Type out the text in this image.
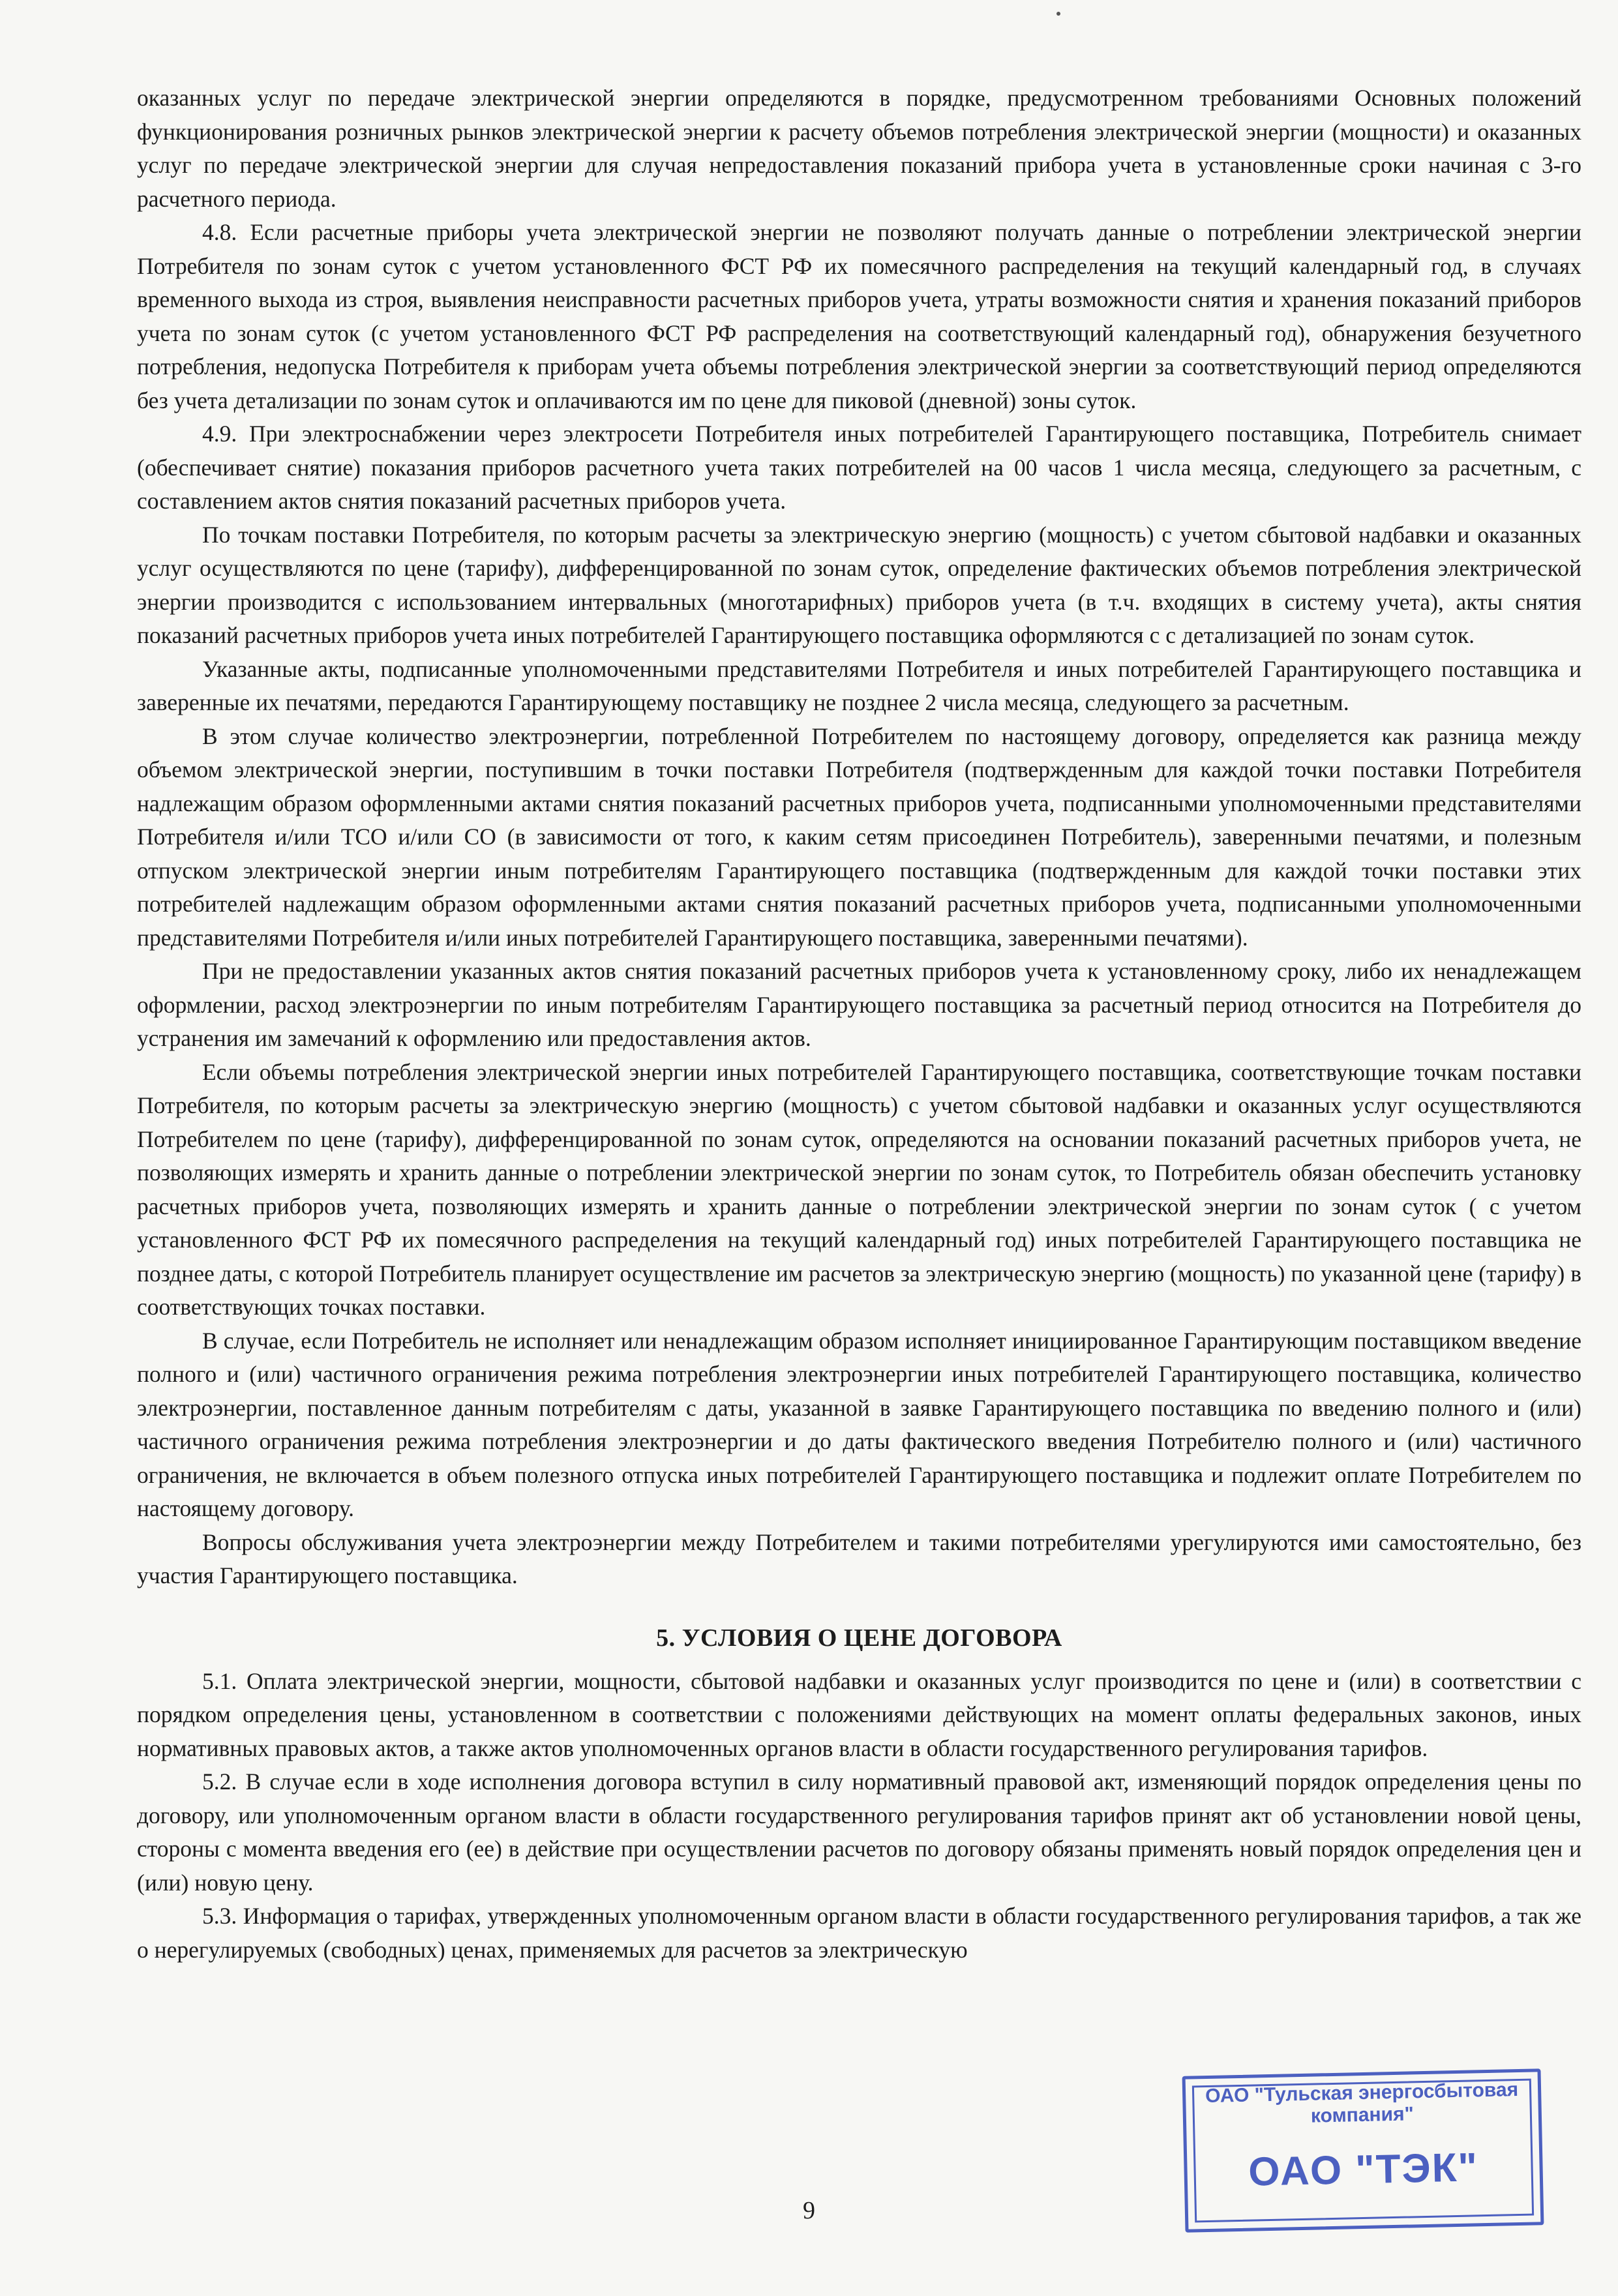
оказанных услуг по передаче электрической энергии определяются в порядке, предусмотренном требованиями Основных положений функционирования розничных рынков электрической энергии к расчету объемов потребления электрической энергии (мощности) и оказанных услуг по передаче электрической энергии для случая непредоставления показаний прибора учета в установленные сроки начиная с 3-го расчетного периода.

4.8. Если расчетные приборы учета электрической энергии не позволяют получать данные о потреблении электрической энергии Потребителя по зонам суток с учетом установленного ФСТ РФ их помесячного распределения на текущий календарный год, в случаях временного выхода из строя, выявления неисправности расчетных приборов учета, утраты возможности снятия и хранения показаний приборов учета по зонам суток (с учетом установленного ФСТ РФ распределения на соответствующий календарный год), обнаружения безучетного потребления, недопуска Потребителя к приборам учета объемы потребления электрической энергии за соответствующий период определяются без учета детализации по зонам суток и оплачиваются им по цене для пиковой (дневной) зоны суток.

4.9. При электроснабжении через электросети Потребителя иных потребителей Гарантирующего поставщика, Потребитель снимает (обеспечивает снятие) показания приборов расчетного учета таких потребителей на 00 часов 1 числа месяца, следующего за расчетным, с составлением актов снятия показаний расчетных приборов учета.

По точкам поставки Потребителя, по которым расчеты за электрическую энергию (мощность) с учетом сбытовой надбавки и оказанных услуг осуществляются по цене (тарифу), дифференцированной по зонам суток, определение фактических объемов потребления электрической энергии производится с использованием интервальных (многотарифных) приборов учета (в т.ч. входящих в систему учета), акты снятия показаний расчетных приборов учета иных потребителей Гарантирующего поставщика оформляются с с детализацией по зонам суток.

Указанные акты, подписанные уполномоченными представителями Потребителя и иных потребителей Гарантирующего поставщика и заверенные их печатями, передаются Гарантирующему поставщику не позднее 2 числа месяца, следующего за расчетным.

В этом случае количество электроэнергии, потребленной Потребителем по настоящему договору, определяется как разница между объемом электрической энергии, поступившим в точки поставки Потребителя (подтвержденным для каждой точки поставки Потребителя надлежащим образом оформленными актами снятия показаний расчетных приборов учета, подписанными уполномоченными представителями Потребителя и/или ТСО и/или СО (в зависимости от того, к каким сетям присоединен Потребитель), заверенными печатями, и полезным отпуском электрической энергии иным потребителям Гарантирующего поставщика (подтвержденным для каждой точки поставки этих потребителей надлежащим образом оформленными актами снятия показаний расчетных приборов учета, подписанными уполномоченными представителями Потребителя и/или иных потребителей Гарантирующего поставщика, заверенными печатями).

При не предоставлении указанных актов снятия показаний расчетных приборов учета к установленному сроку, либо их ненадлежащем оформлении, расход электроэнергии по иным потребителям Гарантирующего поставщика за расчетный период относится на Потребителя до устранения им замечаний к оформлению или предоставления актов.

Если объемы потребления электрической энергии иных потребителей Гарантирующего поставщика, соответствующие точкам поставки Потребителя, по которым расчеты за электрическую энергию (мощность) с учетом сбытовой надбавки и оказанных услуг осуществляются Потребителем по цене (тарифу), дифференцированной по зонам суток, определяются на основании показаний расчетных приборов учета, не позволяющих измерять и хранить данные о потреблении электрической энергии по зонам суток, то Потребитель обязан обеспечить установку расчетных приборов учета, позволяющих измерять и хранить данные о потреблении электрической энергии по зонам суток ( с учетом установленного ФСТ РФ их помесячного распределения на текущий календарный год) иных потребителей Гарантирующего поставщика не позднее даты, с которой Потребитель планирует осуществление им расчетов за электрическую энергию (мощность) по указанной цене (тарифу) в соответствующих точках поставки.

В случае, если Потребитель не исполняет или ненадлежащим образом исполняет инициированное Гарантирующим поставщиком введение полного и (или) частичного ограничения режима потребления электроэнергии иных потребителей Гарантирующего поставщика, количество электроэнергии, поставленное данным потребителям с даты, указанной в заявке Гарантирующего поставщика по введению полного и (или) частичного ограничения режима потребления электроэнергии и до даты фактического введения Потребителю полного и (или) частичного ограничения, не включается в объем полезного отпуска иных потребителей Гарантирующего поставщика и подлежит оплате Потребителем по настоящему договору.

Вопросы обслуживания учета электроэнергии между Потребителем и такими потребителями урегулируются ими самостоятельно, без участия Гарантирующего поставщика.

5. УСЛОВИЯ О ЦЕНЕ ДОГОВОРА

5.1. Оплата электрической энергии, мощности, сбытовой надбавки и оказанных услуг производится по цене и (или) в соответствии с порядком определения цены, установленном в соответствии с положениями действующих на момент оплаты федеральных законов, иных нормативных правовых актов, а также актов уполномоченных органов власти в области государственного регулирования тарифов.

5.2. В случае если в ходе исполнения договора вступил в силу нормативный правовой акт, изменяющий порядок определения цены по договору, или уполномоченным органом власти в области государственного регулирования тарифов принят акт об установлении новой цены, стороны с момента введения его (ее) в действие при осуществлении расчетов по договору обязаны применять новый порядок определения цен и (или) новую цену.

5.3. Информация о тарифах, утвержденных уполномоченным органом власти в области государственного регулирования тарифов, а так же о нерегулируемых (свободных) ценах, применяемых для расчетов за электрическую

9
ОАО "Тульская энергосбытовая
компания"
ОАО "ТЭК"
